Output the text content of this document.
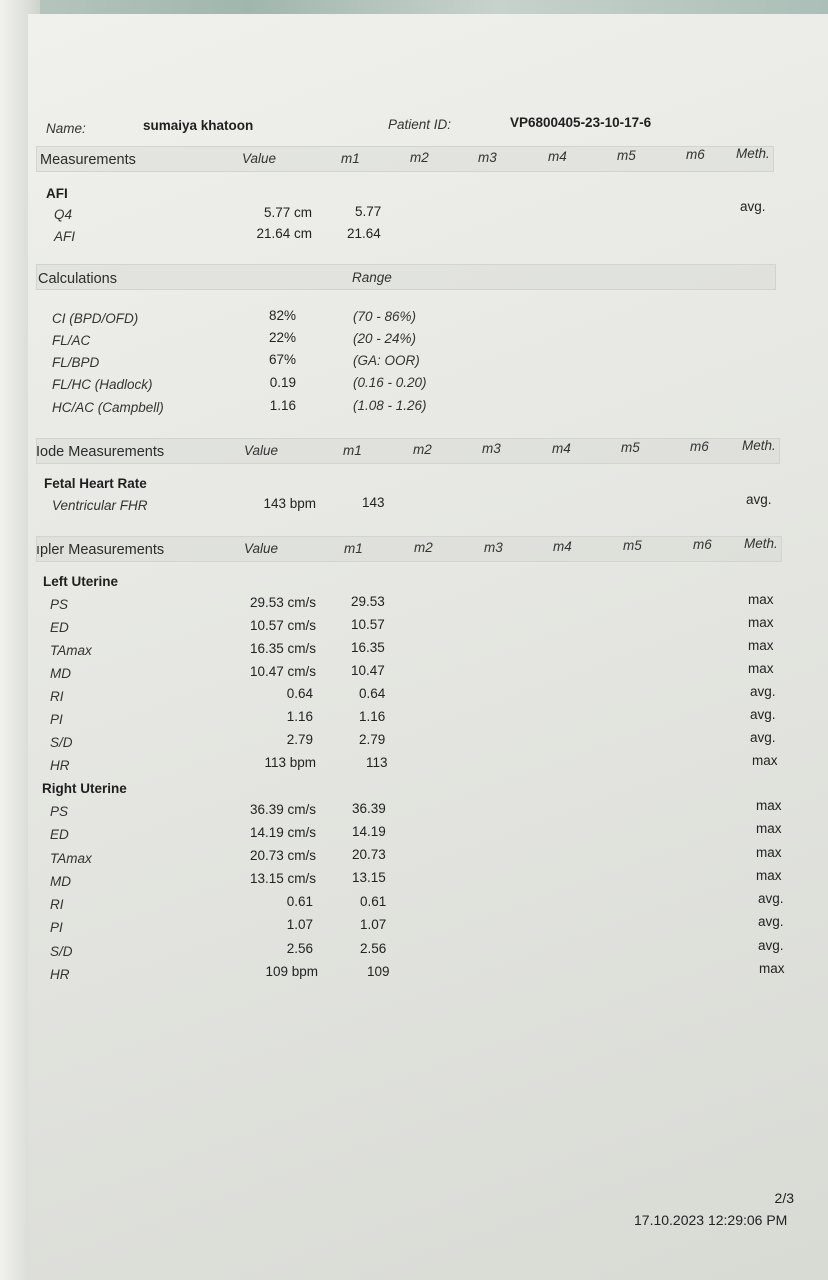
Name:	sumaiya khatoon	Patient ID:	VP6800405-23-10-17-6
Measurements	Value	m1	m2	m3	m4	m5	m6 Meth.
AFI
Q4	5.77 cm	5.77	avg.
AFI	21.64 cm	21.64
Calculations	Range
CI (BPD/OFD)	82%	(70 - 86%)
FL/AC	22%	(20 - 24%)
FL/BPD	67%	(GA: OOR)
FL/HC (Hadlock)	0.19	(0.16 - 0.20)
HC/AC (Campbell)	1.16	(1.08 - 1.26)
Iode Measurements	Value	m1	m2	m3	m4	m5	m6 Meth.
Fetal Heart Rate
Ventricular FHR	143 bpm	143	avg.
ıpler Measurements	Value	m1	m2	m3	m4	m5	m6 Meth.
Left Uterine
PS	29.53 cm/s	29.53	max
ED	10.57 cm/s	10.57	max
TAmax	16.35 cm/s	16.35	max
MD	10.47 cm/s	10.47	max
RI	0.64	0.64	avg.
PI	1.16	1.16	avg.
S/D	2.79	2.79	avg.
HR	113 bpm	113	max
Right Uterine
PS	36.39 cm/s	36.39	max
ED	14.19 cm/s	14.19	max
TAmax	20.73 cm/s	20.73	max
MD	13.15 cm/s	13.15	max
RI	0.61	0.61	avg.
PI	1.07	1.07	avg.
S/D	2.56	2.56	avg.
HR	109 bpm	109	max
2/3
17.10.2023 12:29:06 PM
